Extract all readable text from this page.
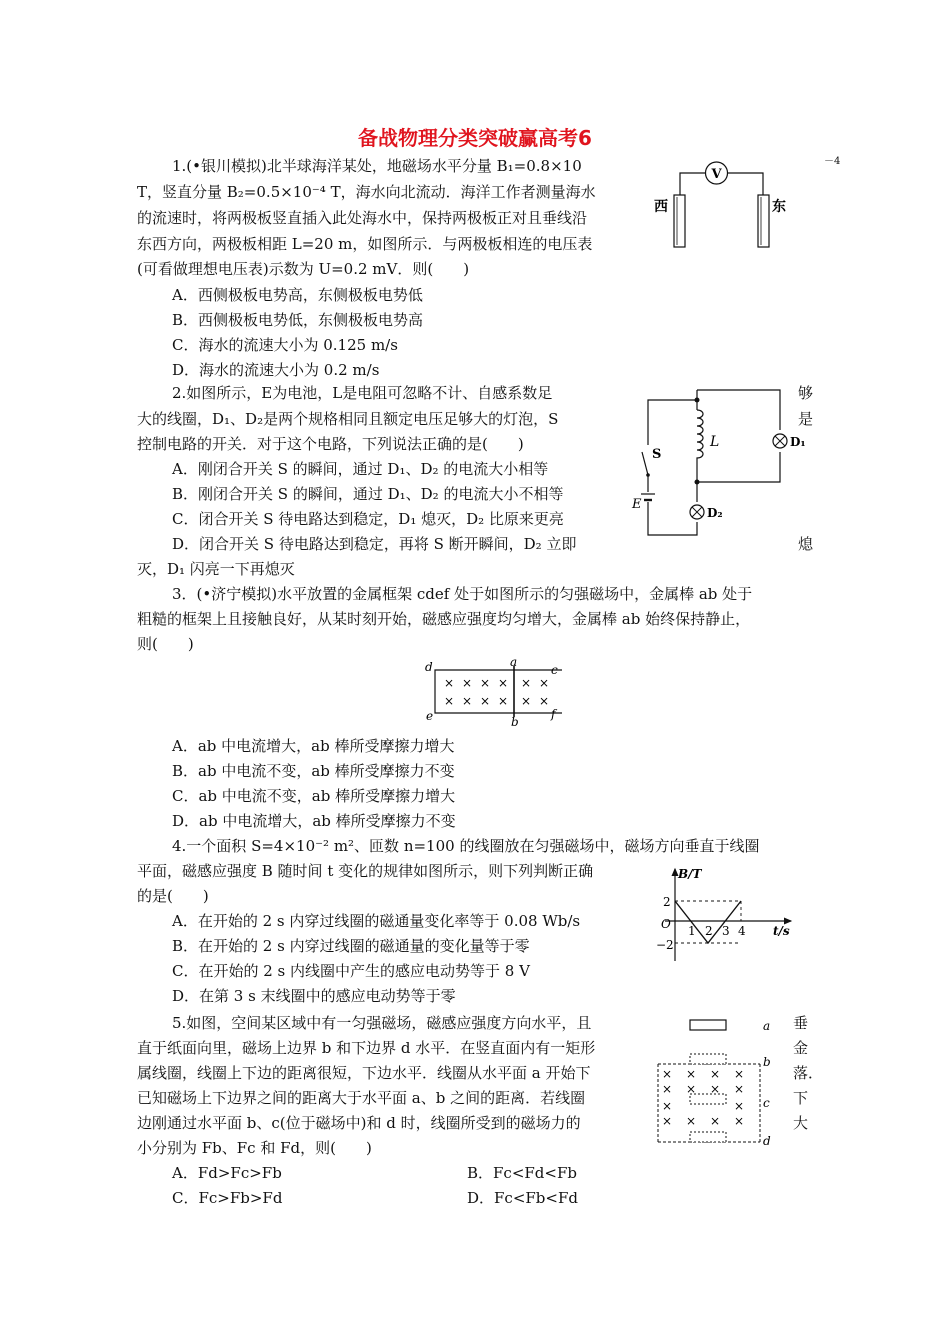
备战物理分类突破赢高考6
1.(•银川模拟)北半球海洋某处，地磁场水平分量 B₁=0.8×10	－4
T，竖直分量 B₂=0.5×10⁻⁴ T，海水向北流动．海洋工作者测量海水
的流速时，将两极板竖直插入此处海水中，保持两极板正对且垂线沿
东西方向，两极板相距 L=20 m，如图所示．与两极板相连的电压表
(可看做理想电压表)示数为 U=0.2 mV．则(　　)
A．西侧极板电势高，东侧极板电势低
B．西侧极板电势低，东侧极板电势高
C．海水的流速大小为 0.125 m/s
D．海水的流速大小为 0.2 m/s
V
西	东
2.如图所示，E为电池，L是电阻可忽略不计、自感系数足	够
大的线圈，D₁、D₂是两个规格相同且额定电压足够大的灯泡，S	是
控制电路的开关．对于这个电路，下列说法正确的是(　　)
A．刚闭合开关 S 的瞬间，通过 D₁、D₂ 的电流大小相等
B．刚闭合开关 S 的瞬间，通过 D₁、D₂ 的电流大小不相等
C．闭合开关 S 待电路达到稳定，D₁ 熄灭，D₂ 比原来更亮
D．闭合开关 S 待电路达到稳定，再将 S 断开瞬间，D₂ 立即	熄
灭，D₁ 闪亮一下再熄灭
L	D₁
S
E
D₂
3．(•济宁模拟)水平放置的金属框架 cdef 处于如图所示的匀强磁场中，金属棒 ab 处于
粗糙的框架上且接触良好，从某时刻开始，磁感应强度均匀增大，金属棒 ab 始终保持静止，
则(　　)
d	a
c
e	b
f
× × × × × ×
× × × × × ×
A．ab 中电流增大，ab 棒所受摩擦力增大
B．ab 中电流不变，ab 棒所受摩擦力不变
C．ab 中电流不变，ab 棒所受摩擦力增大
D．ab 中电流增大，ab 棒所受摩擦力不变
4.一个面积 S=4×10⁻² m²、匝数 n=100 的线圈放在匀强磁场中，磁场方向垂直于线圈
平面，磁感应强度 B 随时间 t 变化的规律如图所示，则下列判断正确
的是(　　)
A．在开始的 2 s 内穿过线圈的磁通量变化率等于 0.08 Wb/s
B．在开始的 2 s 内穿过线圈的磁通量的变化量等于零
C．在开始的 2 s 内线圈中产生的感应电动势等于 8 V
D．在第 3 s 末线圈中的感应电动势等于零
B/T
t/s
O
2
−2
1 2 3 4
5.如图，空间某区域中有一匀强磁场，磁感应强度方向水平，且	垂
直于纸面向里，磁场上边界 b 和下边界 d 水平．在竖直面内有一矩形	金
属线圈，线圈上下边的距离很短，下边水平．线圈从水平面 a 开始下	落．
已知磁场上下边界之间的距离大于水平面 a、b 之间的距离．若线圈	下
边刚通过水平面 b、c(位于磁场中)和 d 时，线圈所受到的磁场力的	大
小分别为 Fb、Fc 和 Fd，则(　　)
A．Fd>Fc>Fb	B．Fc<Fd<Fb
C．Fc>Fb>Fd	D．Fc<Fb<Fd
a
b
c
d
× × × ×
× × × ×
×	×
× × × ×
